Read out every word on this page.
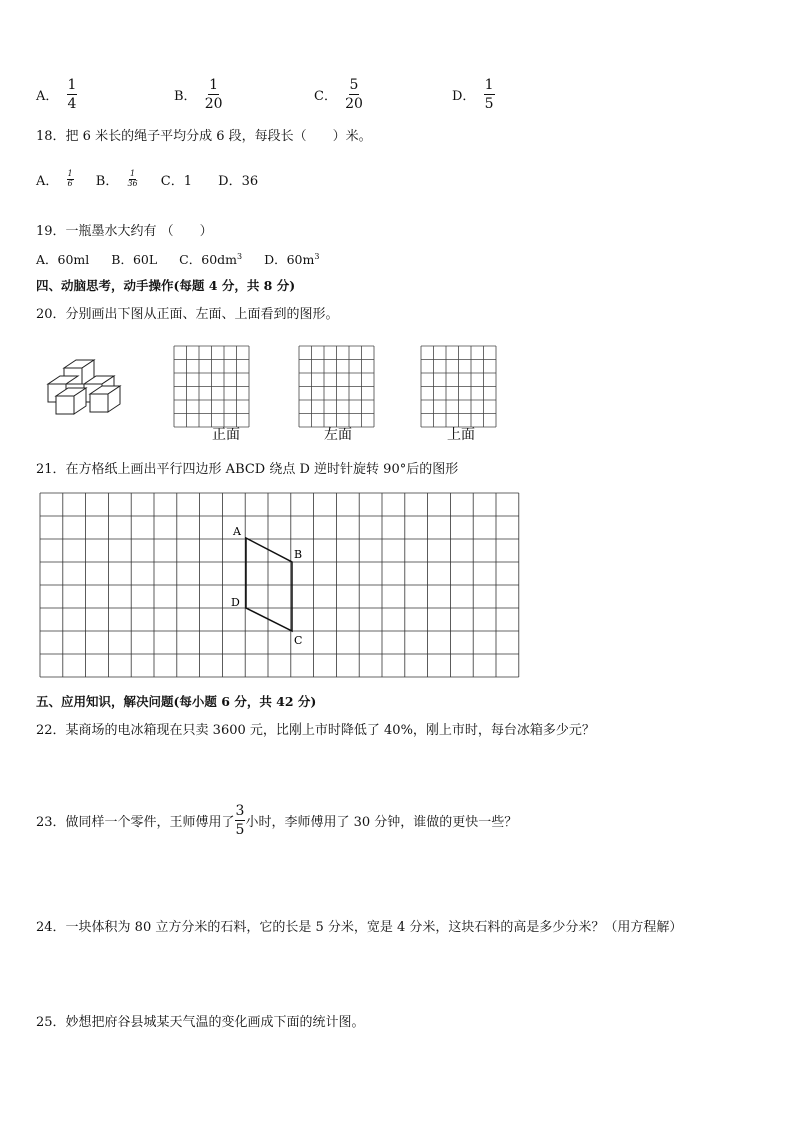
A． $\frac{1}{4}$	B． $\frac{1}{20}$	C． $\frac{5}{20}$	D． $\frac{1}{5}$
18．把 6 米长的绳子平均分成 6 段，每段长（　　）米。
A． $\frac{1}{6}$ B． $\frac{1}{36}$ C．1 D．36
19．一瓶墨水大约有 （　　）
A．60ml B．60L C．$60dm^3$ D．$60m^3$
四、动脑思考，动手操作(每题 4 分，共 8 分)
20．分别画出下图从正面、左面、上面看到的图形。
正面	左面	上面
21．在方格纸上画出平行四边形 ABCD 绕点 D 逆时针旋转 90°后的图形
A
B
C
D
五、应用知识，解决问题(每小题 6 分，共 42 分)
22．某商场的电冰箱现在只卖 3600 元，比刚上市时降低了 40%，刚上市时，每台冰箱多少元？
23．做同样一个零件，王师傅用了 $\frac{3}{5}$ 小时，李师傅用了 30 分钟，谁做的更快一些？
24．一块体积为 80 立方分米的石料，它的长是 5 分米，宽是 4 分米，这块石料的高是多少分米？（用方程解）
25．妙想把府谷县城某天气温的变化画成下面的统计图。
